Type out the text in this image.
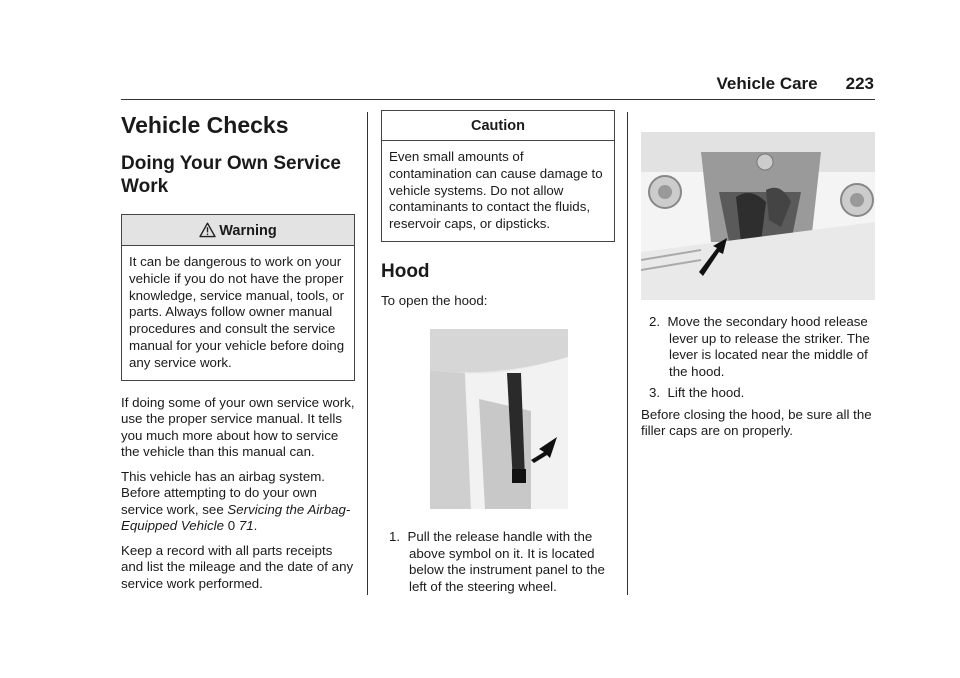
Vehicle Care 223
Vehicle Checks
Doing Your Own Service Work
Warning
It can be dangerous to work on your vehicle if you do not have the proper knowledge, service manual, tools, or parts. Always follow owner manual procedures and consult the service manual for your vehicle before doing any service work.

If doing some of your own service work, use the proper service manual. It tells you much more about how to service the vehicle than this manual can.

This vehicle has an airbag system. Before attempting to do your own service work, see Servicing the Airbag-Equipped Vehicle 0 71.

Keep a record with all parts receipts and list the mileage and the date of any service work performed.

Caution
Even small amounts of contamination can cause damage to vehicle systems. Do not allow contaminants to contact the fluids, reservoir caps, or dipsticks.
Hood

To open the hood:

1. Pull the release handle with the above symbol on it. It is located below the instrument panel to the left of the steering wheel.
2. Move the secondary hood release lever up to release the striker. The lever is located near the middle of the hood.
3. Lift the hood.

Before closing the hood, be sure all the filler caps are on properly.
